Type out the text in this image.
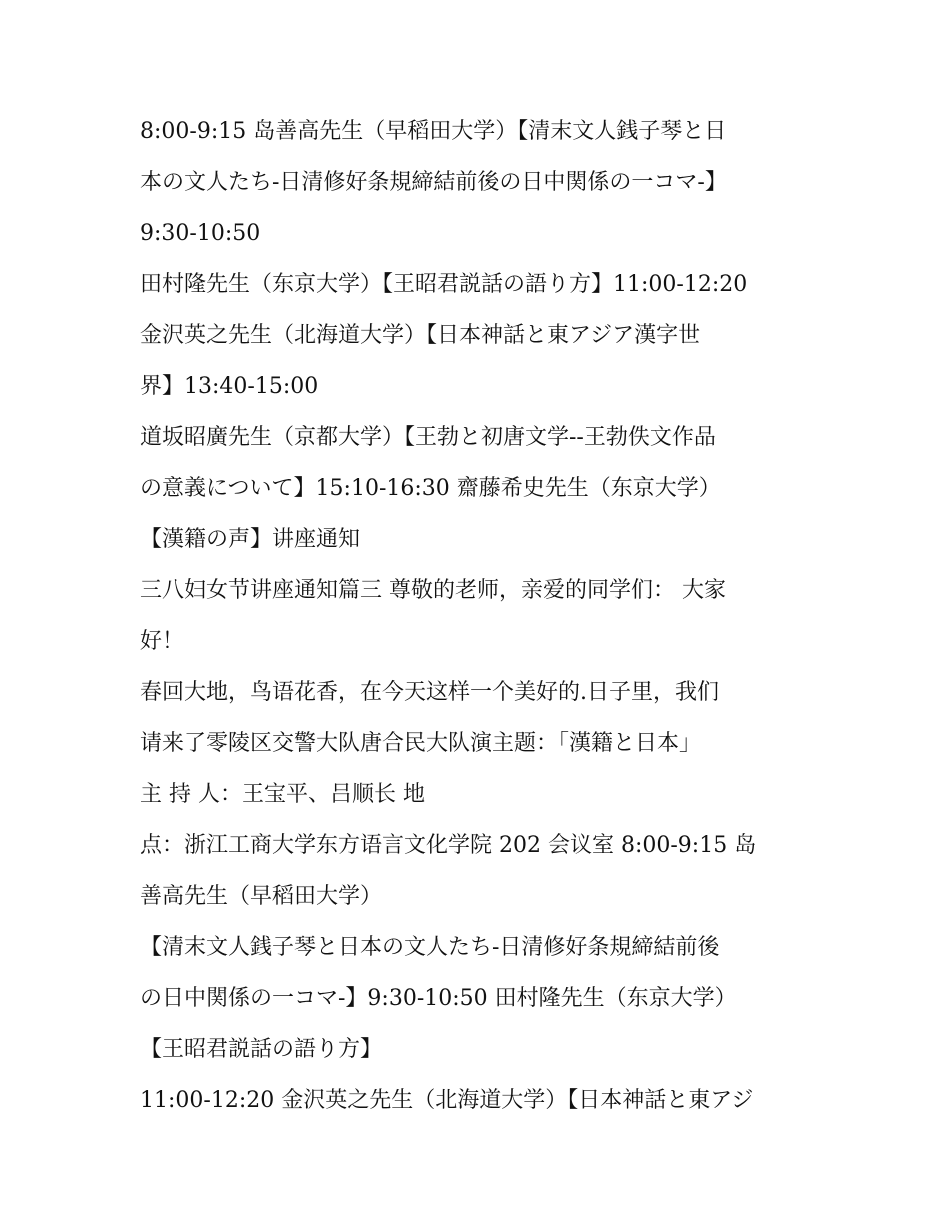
8:00-9:15 岛善高先生（早稻田大学）【清末文人銭子琴と日
本の文人たち-日清修好条規締結前後の日中関係の一コマ-】
9:30-10:50
田村隆先生（东京大学）【王昭君説話の語り方】11:00-12:20
金沢英之先生（北海道大学）【日本神話と東アジア漢字世
界】13:40-15:00
道坂昭廣先生（京都大学）【王勃と初唐文学--王勃佚文作品
の意義について】15:10-16:30 齋藤希史先生（东京大学）
【漢籍の声】讲座通知
三八妇女节讲座通知篇三 尊敬的老师，亲爱的同学们： 大家
好！
春回大地，鸟语花香，在今天这样一个美好的.日子里，我们
请来了零陵区交警大队唐合民大队演主题：「漢籍と日本」
主 持 人：王宝平、吕顺长 地
点：浙江工商大学东方语言文化学院 202 会议室 8:00-9:15 岛
善高先生（早稻田大学）
【清末文人銭子琴と日本の文人たち-日清修好条規締結前後
の日中関係の一コマ-】9:30-10:50 田村隆先生（东京大学）
【王昭君説話の語り方】
11:00-12:20 金沢英之先生（北海道大学）【日本神話と東アジ
